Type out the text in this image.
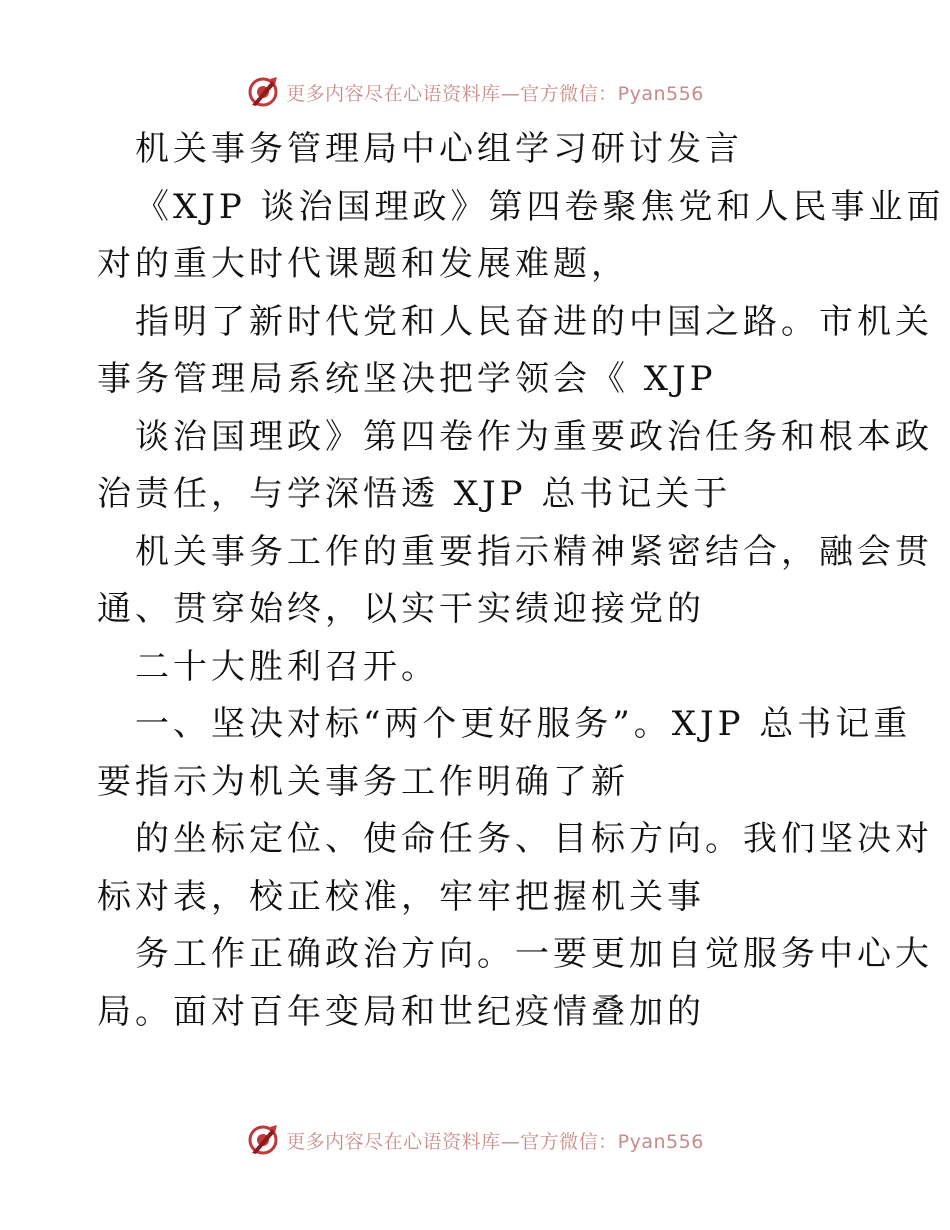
更多内容尽在心语资料库—官方微信：Pyan556
机关事务管理局中心组学习研讨发言
《XJP 谈治国理政》第四卷聚焦党和人民事业面
对的重大时代课题和发展难题，
指明了新时代党和人民奋进的中国之路。市机关
事务管理局系统坚决把学领会《 XJP
谈治国理政》第四卷作为重要政治任务和根本政
治责任，与学深悟透 XJP 总书记关于
机关事务工作的重要指示精神紧密结合，融会贯
通、贯穿始终，以实干实绩迎接党的
二十大胜利召开。
一、坚决对标“两个更好服务”。XJP 总书记重
要指示为机关事务工作明确了新
的坐标定位、使命任务、目标方向。我们坚决对
标对表，校正校准，牢牢把握机关事
务工作正确政治方向。一要更加自觉服务中心大
局。面对百年变局和世纪疫情叠加的
更多内容尽在心语资料库—官方微信：Pyan556
